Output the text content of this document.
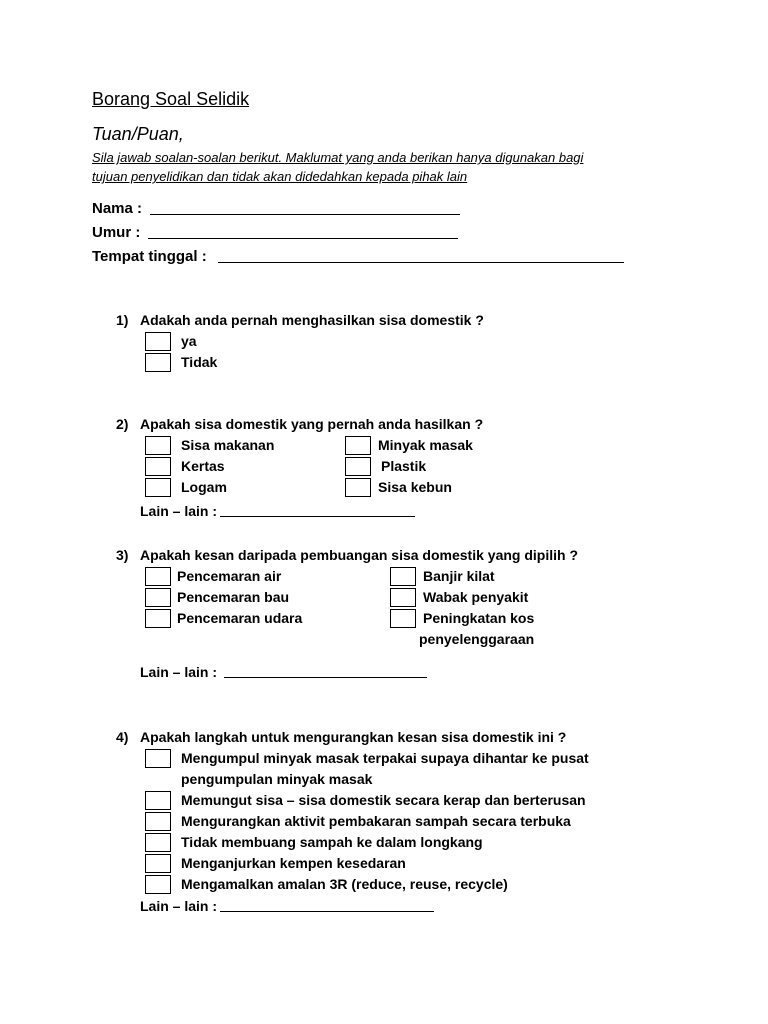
Borang Soal Selidik
Tuan/Puan,
Sila jawab soalan-soalan berikut. Maklumat yang anda berikan hanya digunakan bagi
tujuan penyelidikan dan tidak akan didedahkan kepada pihak lain
Nama :
Umur :
Tempat tinggal :
1) Adakah anda pernah menghasilkan sisa domestik ?
ya
Tidak
2) Apakah sisa domestik yang pernah anda hasilkan ?
Sisa makanan
Kertas
Logam
Minyak masak
Plastik
Sisa kebun
Lain – lain :
3) Apakah kesan daripada pembuangan sisa domestik yang dipilih ?
Pencemaran air
Pencemaran bau
Pencemaran udara
Banjir kilat
Wabak penyakit
Peningkatan kos
penyelenggaraan
Lain – lain :
4) Apakah langkah untuk mengurangkan kesan sisa domestik ini ?
Mengumpul minyak masak terpakai supaya dihantar ke pusat
pengumpulan minyak masak
Memungut sisa – sisa domestik secara kerap dan berterusan
Mengurangkan aktivit pembakaran sampah secara terbuka
Tidak membuang sampah ke dalam longkang
Menganjurkan kempen kesedaran
Mengamalkan amalan 3R (reduce, reuse, recycle)
Lain – lain :
